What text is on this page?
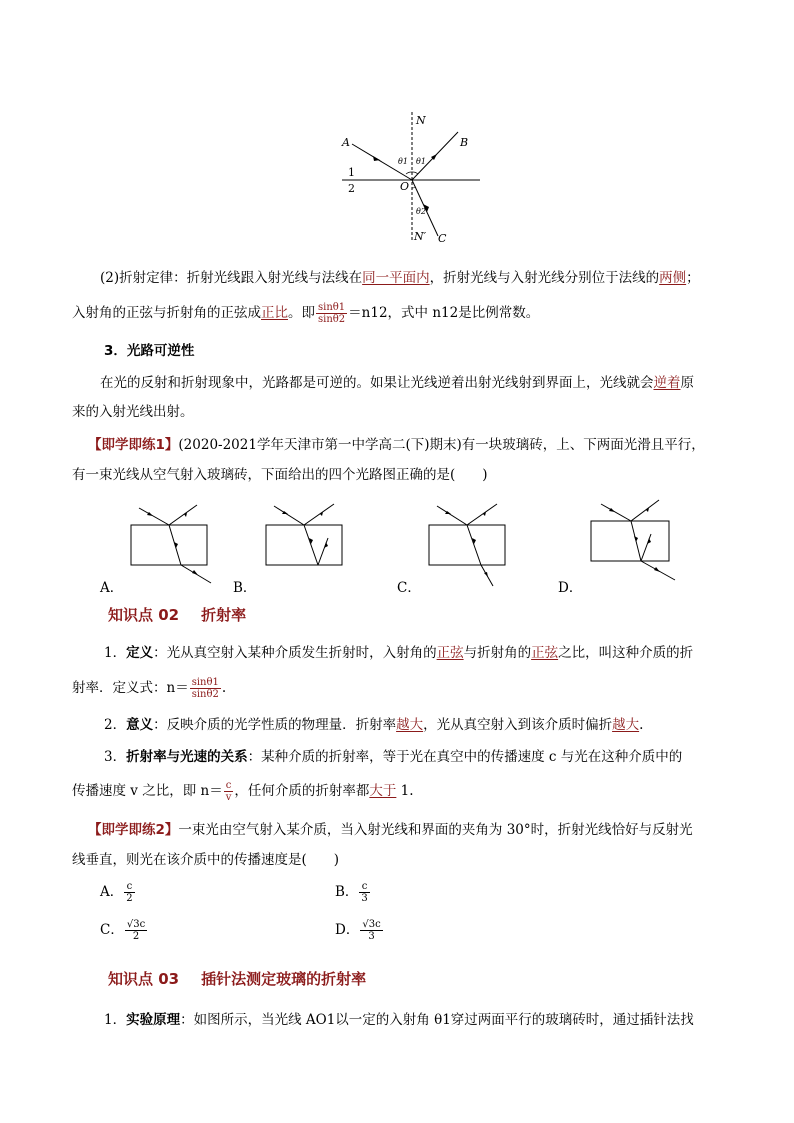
N
N′
A	B
C
O
1
2
θ1 θ1
θ2
(2)折射定律：折射光线跟入射光线与法线在同一平面内，折射光线与入射光线分别位于法线的两侧；
入射角的正弦与折射角的正弦成正比。即 $\frac{\sin\theta 1}{\sin\theta 2} =n12$，式中 n12是比例常数。
3．光路可逆性
在光的反射和折射现象中，光路都是可逆的。如果让光线逆着出射光线射到界面上，光线就会逆着原
来的入射光线出射。
【即学即练1】(2020-2021学年天津市第一中学高二(下)期末)有一块玻璃砖，上、下两面光滑且平行，
有一束光线从空气射入玻璃砖，下面给出的四个光路图正确的是(　　)
A．	B．	C．	D．
知识点 02 折射率
1．定义：光从真空射入某种介质发生折射时，入射角的正弦与折射角的正弦之比，叫这种介质的折
射率．定义式：$n= \frac{\sin\theta 1}{\sin\theta 2}$ .
2．意义：反映介质的光学性质的物理量．折射率越大，光从真空射入到该介质时偏折越大.
3．折射率与光速的关系：某种介质的折射率，等于光在真空中的传播速度 c 与光在这种介质中的
传播速度 v 之比，即 $n= \frac{c}{v}$ ，任何介质的折射率都大于 1.
【即学即练2】一束光由空气射入某介质，当入射光线和界面的夹角为 30°时，折射光线恰好与反射光
线垂直，则光在该介质中的传播速度是(　　)
A． $\frac{c}{2}$	B． $\frac{c}{3}$
C． $\frac{√3c}{2}$	D． $\frac{√3c}{3}$
知识点 03 插针法测定玻璃的折射率
1．实验原理：如图所示，当光线 AO1以一定的入射角 θ1穿过两面平行的玻璃砖时，通过插针法找
